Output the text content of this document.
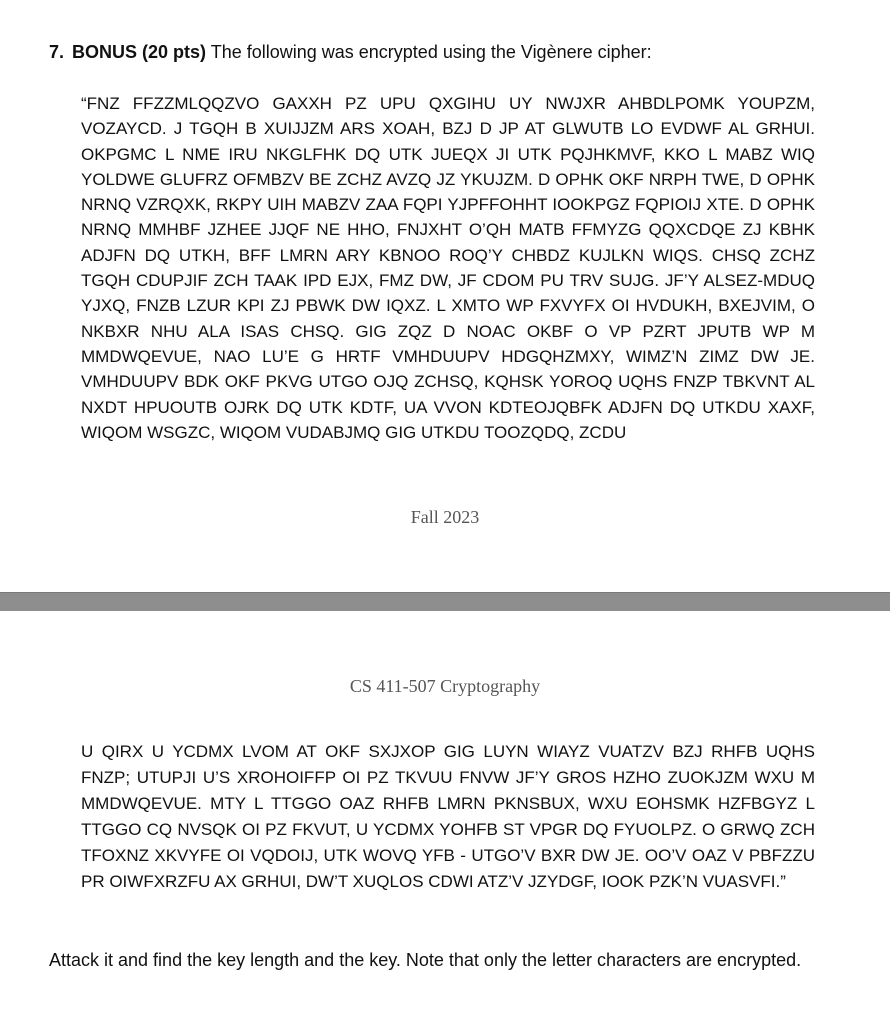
7. BONUS (20 pts) The following was encrypted using the Vigènere cipher:
“FNZ FFZZMLQQZVO GAXXH PZ UPU QXGIHU UY NWJXR AHBDLPOMK YOUPZM, VOZAYCD. J TGQH B XUIJJZM ARS XOAH, BZJ D JP AT GLWUTB LO EVDWF AL GRHUI. OKPGMC L NME IRU NKGLFHK DQ UTK JUEQX JI UTK PQJHKMVF, KKO L MABZ WIQ YOLDWE GLUFRZ OFMBZV BE ZCHZ AVZQ JZ YKUJZM. D OPHK OKF NRPH TWE, D OPHK NRNQ VZRQXK, RKPY UIH MABZV ZAA FQPI YJPFFOHHT IOOKPGZ FQPIOIJ XTE. D OPHK NRNQ MMHBF JZHEE JJQF NE HHO, FNJXHT O’QH MATB FFMYZG QQXCDQE ZJ KBHK ADJFN DQ UTKH, BFF LMRN ARY KBNOO ROQ’Y CHBDZ KUJLKN WIQS. CHSQ ZCHZ TGQH CDUPJIF ZCH TAAK IPD EJX, FMZ DW, JF CDOM PU TRV SUJG. JF’Y ALSEZ-MDUQ YJXQ, FNZB LZUR KPI ZJ PBWK DW IQXZ. L XMTO WP FXVYFX OI HVDUKH, BXEJVIM, O NKBXR NHU ALA ISAS CHSQ. GIG ZQZ D NOAC OKBF O VP PZRT JPUTB WP M MMDWQEVUE, NAO LU’E G HRTF VMHDUUPV HDGQHZMXY, WIMZ’N ZIMZ DW JE. VMHDUUPV BDK OKF PKVG UTGO OJQ ZCHSQ, KQHSK YOROQ UQHS FNZP TBKVNT AL NXDT HPUOUTB OJRK DQ UTK KDTF, UA VVON KDTEOJQBFK ADJFN DQ UTKDU XAXF, WIQOM WSGZC, WIQOM VUDABJMQ GIG UTKDU TOOZQDQ, ZCDU
Fall 2023
CS 411-507 Cryptography
U QIRX U YCDMX LVOM AT OKF SXJXOP GIG LUYN WIAYZ VUATZV BZJ RHFB UQHS FNZP; UTUPJI U’S XROHOIFFP OI PZ TKVUU FNVW JF’Y GROS HZHO ZUOKJZM WXU M MMDWQEVUE. MTY L TTGGO OAZ RHFB LMRN PKNSBUX, WXU EOHSMK HZFBGYZ L TTGGO CQ NVSQK OI PZ FKVUT, U YCDMX YOHFB ST VPGR DQ FYUOLPZ. O GRWQ ZCH TFOXNZ XKVYFE OI VQDOIJ, UTK WOVQ YFB - UTGO’V BXR DW JE. OO’V OAZ V PBFZZU PR OIWFXRZFU AX GRHUI, DW’T XUQLOS CDWI ATZ’V JZYDGF, IOOK PZK’N VUASVFI.”
Attack it and find the key length and the key. Note that only the letter characters are encrypted.
